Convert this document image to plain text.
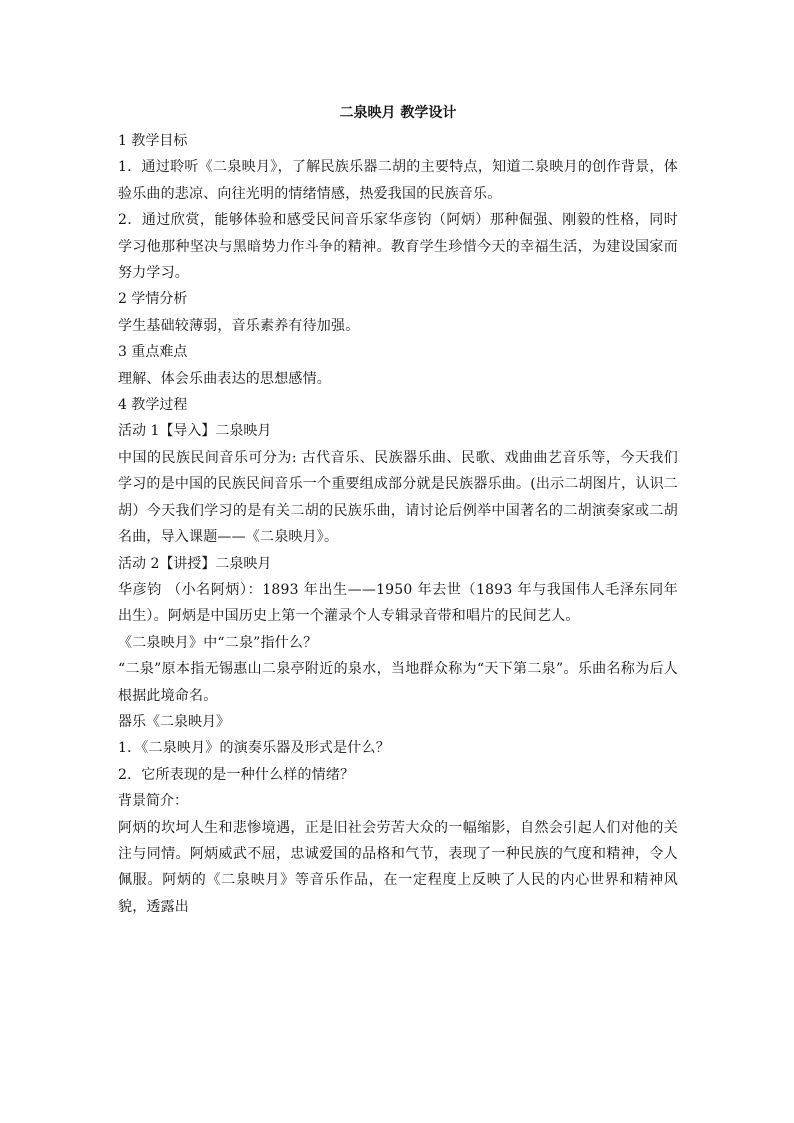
二泉映月 教学设计
1 教学目标
1．通过聆听《二泉映月》，了解民族乐器二胡的主要特点，知道二泉映月的创作背景，体验乐曲的悲凉、向往光明的情绪情感，热爱我国的民族音乐。
2．通过欣赏，能够体验和感受民间音乐家华彦钧（阿炳）那种倔强、刚毅的性格，同时学习他那种坚决与黑暗势力作斗争的精神。教育学生珍惜今天的幸福生活，为建设国家而努力学习。
2 学情分析
学生基础较薄弱，音乐素养有待加强。
3 重点难点
理解、体会乐曲表达的思想感情。
4 教学过程
活动 1【导入】二泉映月
中国的民族民间音乐可分为: 古代音乐、民族器乐曲、民歌、戏曲曲艺音乐等，今天我们学习的是中国的民族民间音乐一个重要组成部分就是民族器乐曲。(出示二胡图片，认识二胡）今天我们学习的是有关二胡的民族乐曲，请讨论后例举中国著名的二胡演奏家或二胡名曲，导入课题——《二泉映月》。
活动 2【讲授】二泉映月
华彦钧 （小名阿炳）：1893 年出生——1950 年去世（1893 年与我国伟人毛泽东同年出生）。阿炳是中国历史上第一个灌录个人专辑录音带和唱片的民间艺人。
《二泉映月》中“二泉”指什么？
“二泉”原本指无锡惠山二泉亭附近的泉水，当地群众称为“天下第二泉”。乐曲名称为后人根据此境命名。
器乐《二泉映月》
1．《二泉映月》的演奏乐器及形式是什么？
2．它所表现的是一种什么样的情绪？
背景简介：
阿炳的坎坷人生和悲惨境遇，正是旧社会劳苦大众的一幅缩影，自然会引起人们对他的关注与同情。阿炳威武不屈，忠诚爱国的品格和气节，表现了一种民族的气度和精神，令人佩服。阿炳的《二泉映月》等音乐作品，在一定程度上反映了人民的内心世界和精神风貌，透露出
